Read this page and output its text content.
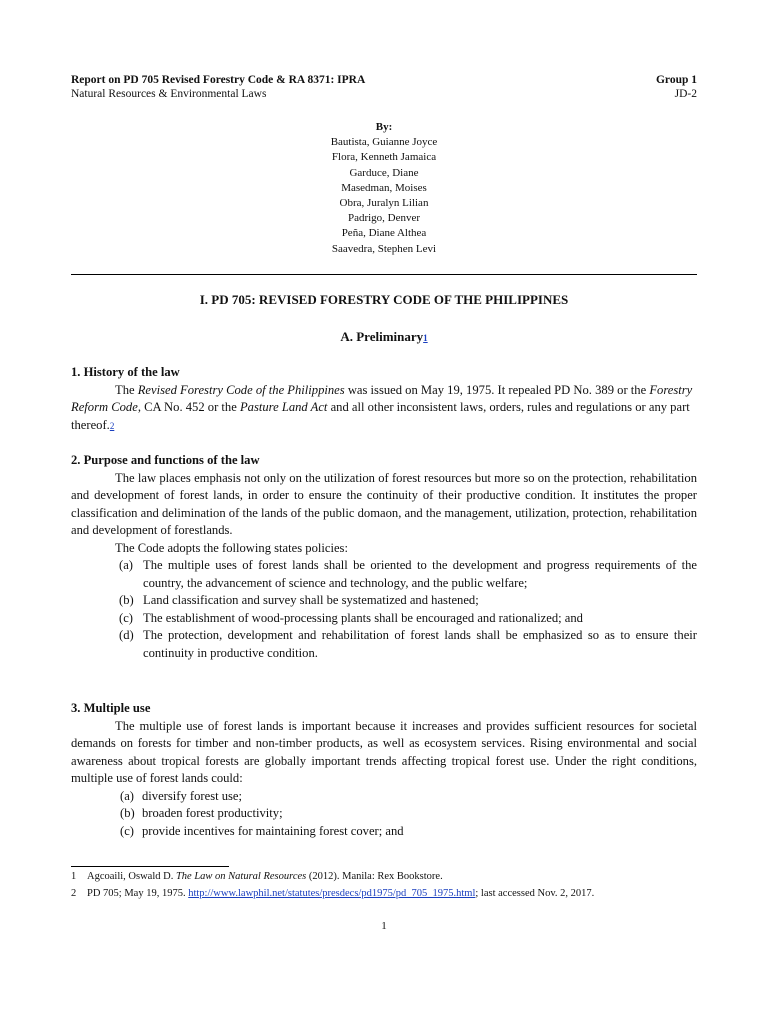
Report on PD 705 Revised Forestry Code & RA 8371: IPRA	Group 1
Natural Resources & Environmental Laws	JD-2
By:
Bautista, Guianne Joyce
Flora, Kenneth Jamaica
Garduce, Diane
Masedman, Moises
Obra, Juralyn Lilian
Padrigo, Denver
Peña, Diane Althea
Saavedra, Stephen Levi
I. PD 705: REVISED FORESTRY CODE OF THE PHILIPPINES
A. Preliminary1
1. History of the law

The Revised Forestry Code of the Philippines was issued on May 19, 1975. It repealed PD No. 389 or the Forestry Reform Code, CA No. 452 or the Pasture Land Act and all other inconsistent laws, orders, rules and regulations or any part thereof.2

2. Purpose and functions of the law

The law places emphasis not only on the utilization of forest resources but more so on the protection, rehabilitation and development of forest lands, in order to ensure the continuity of their productive condition. It institutes the proper classification and delimination of the lands of the public domaon, and the management, utilization, protection, rehabilitation and development of forestlands.

The Code adopts the following states policies:

(a) The multiple uses of forest lands shall be oriented to the development and progress requirements of the country, the advancement of science and technology, and the public welfare;
(b) Land classification and survey shall be systematized and hastened;
(c) The establishment of wood-processing plants shall be encouraged and rationalized; and
(d) The protection, development and rehabilitation of forest lands shall be emphasized so as to ensure their continuity in productive condition.
3. Multiple use

The multiple use of forest lands is important because it increases and provides sufficient resources for societal demands on forests for timber and non-timber products, as well as ecosystem services. Rising environmental and social awareness about tropical forests are globally important trends affecting tropical forest use. Under the right conditions, multiple use of forest lands could:

(a) diversify forest use;
(b) broaden forest productivity;
(c) provide incentives for maintaining forest cover; and
1 Agcoaili, Oswald D. The Law on Natural Resources (2012). Manila: Rex Bookstore.
2 PD 705; May 19, 1975. http://www.lawphil.net/statutes/presdecs/pd1975/pd_705_1975.html; last accessed Nov. 2, 2017.
1
